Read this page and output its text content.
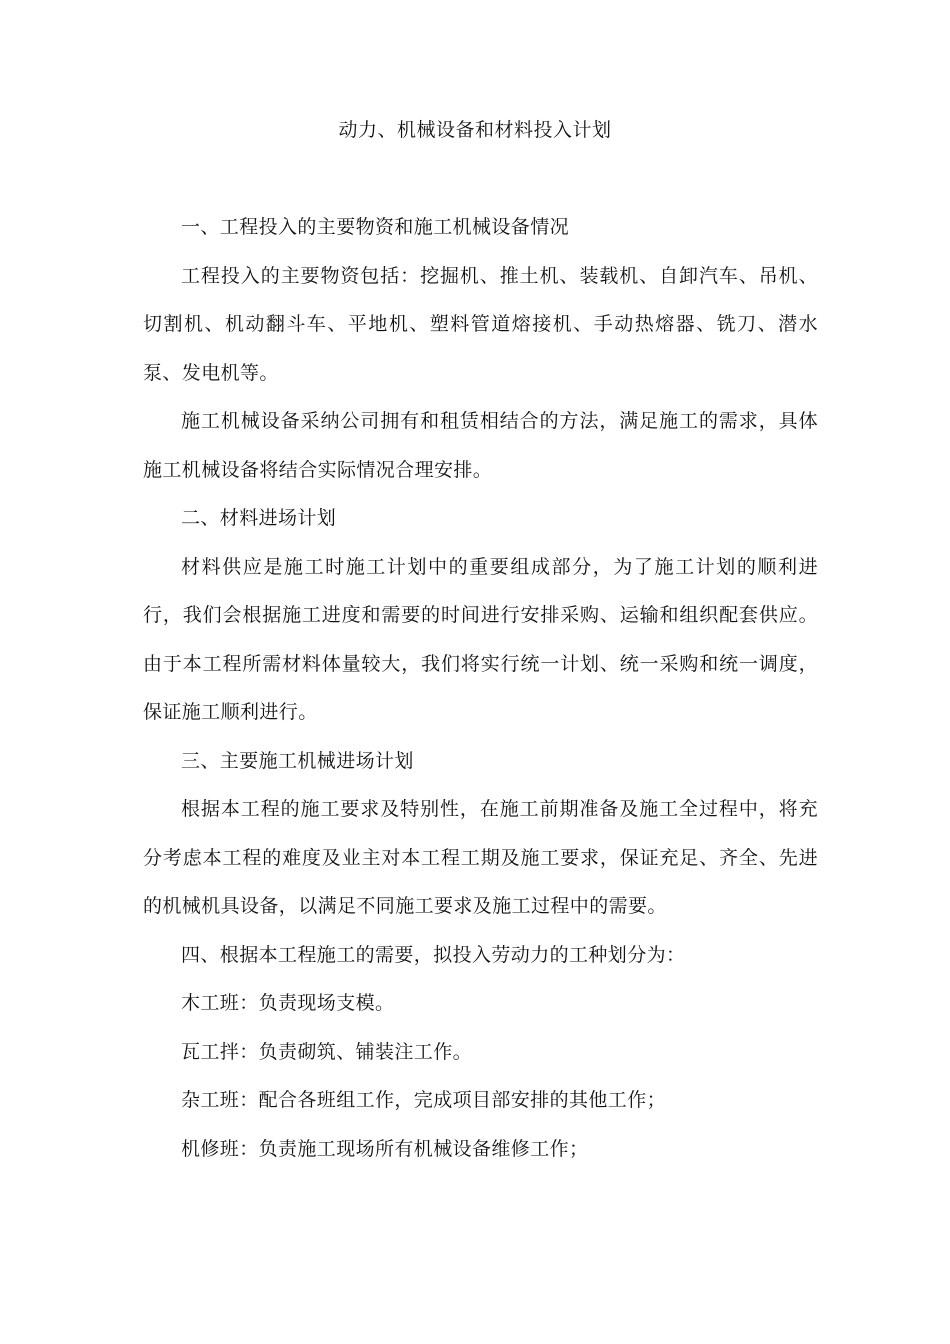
动力、机械设备和材料投入计划

一、工程投入的主要物资和施工机械设备情况

工程投入的主要物资包括：挖掘机、推土机、装载机、自卸汽车、吊机、切割机、机动翻斗车、平地机、塑料管道熔接机、手动热熔器、铣刀、潜水泵、发电机等。

施工机械设备采纳公司拥有和租赁相结合的方法，满足施工的需求，具体施工机械设备将结合实际情况合理安排。

二、材料进场计划

材料供应是施工时施工计划中的重要组成部分，为了施工计划的顺利进行，我们会根据施工进度和需要的时间进行安排采购、运输和组织配套供应。由于本工程所需材料体量较大，我们将实行统一计划、统一采购和统一调度，保证施工顺利进行。

三、主要施工机械进场计划

根据本工程的施工要求及特别性，在施工前期准备及施工全过程中，将充分考虑本工程的难度及业主对本工程工期及施工要求，保证充足、齐全、先进的机械机具设备，以满足不同施工要求及施工过程中的需要。

四、根据本工程施工的需要，拟投入劳动力的工种划分为：

木工班：负责现场支模。

瓦工拌：负责砌筑、铺装注工作。

杂工班：配合各班组工作，完成项目部安排的其他工作；

机修班：负责施工现场所有机械设备维修工作；
